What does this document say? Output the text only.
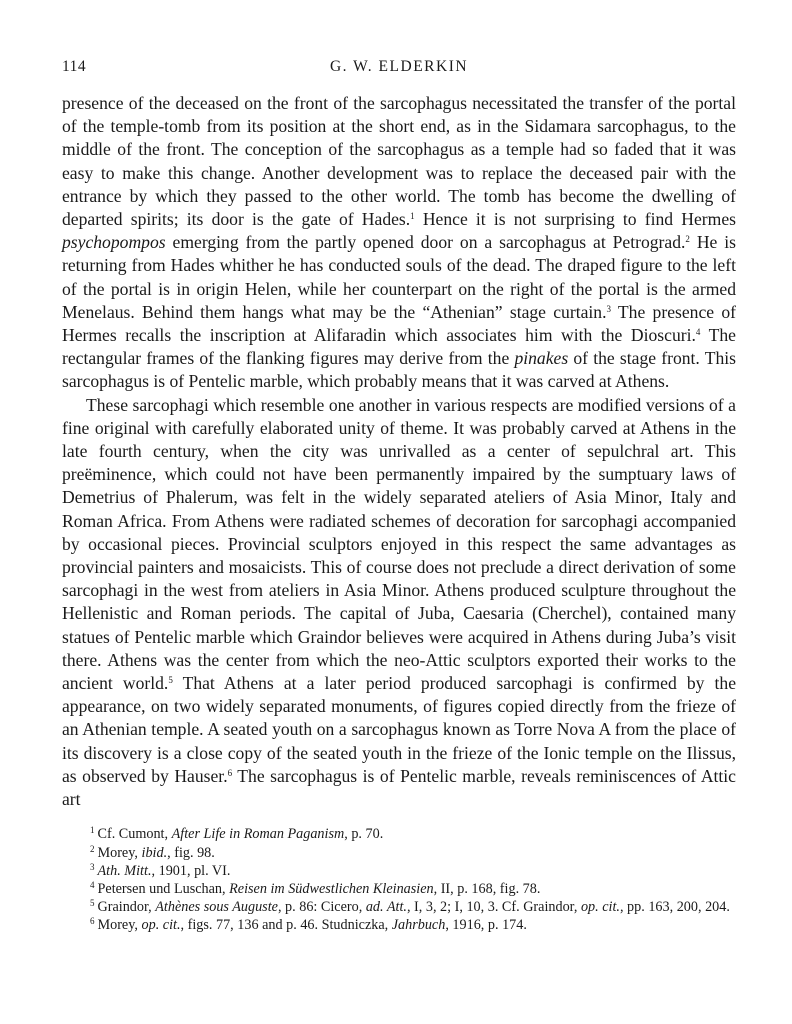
114	G. W. ELDERKIN

presence of the deceased on the front of the sarcophagus necessitated the transfer of the portal of the temple-tomb from its position at the short end, as in the Sidamara sarcophagus, to the middle of the front. The conception of the sarcophagus as a temple had so faded that it was easy to make this change. Another development was to replace the deceased pair with the entrance by which they passed to the other world. The tomb has become the dwelling of departed spirits; its door is the gate of Hades.$^1$ Hence it is not surprising to find Hermes psychopompos emerging from the partly opened door on a sarcophagus at Petrograd.$^2$ He is returning from Hades whither he has conducted souls of the dead. The draped figure to the left of the portal is in origin Helen, while her counterpart on the right of the portal is the armed Menelaus. Behind them hangs what may be the “Athenian” stage curtain.$^3$ The presence of Hermes recalls the inscription at Alifaradin which associates him with the Dioscuri.$^4$ The rectangular frames of the flanking figures may derive from the pinakes of the stage front. This sarcophagus is of Pentelic marble, which probably means that it was carved at Athens.

These sarcophagi which resemble one another in various respects are modified versions of a fine original with carefully elaborated unity of theme. It was probably carved at Athens in the late fourth century, when the city was unrivalled as a center of sepulchral art. This preëminence, which could not have been permanently impaired by the sumptuary laws of Demetrius of Phalerum, was felt in the widely separated ateliers of Asia Minor, Italy and Roman Africa. From Athens were radiated schemes of decoration for sarcophagi accompanied by occasional pieces. Provincial sculptors enjoyed in this respect the same advantages as provincial painters and mosaicists. This of course does not preclude a direct derivation of some sarcophagi in the west from ateliers in Asia Minor. Athens produced sculpture throughout the Hellenistic and Roman periods. The capital of Juba, Caesaria (Cherchel), contained many statues of Pentelic marble which Graindor believes were acquired in Athens during Juba’s visit there. Athens was the center from which the neo-Attic sculptors exported their works to the ancient world.$^5$ That Athens at a later period produced sarcophagi is confirmed by the appearance, on two widely separated monuments, of figures copied directly from the frieze of an Athenian temple. A seated youth on a sarcophagus known as Torre Nova A from the place of its discovery is a close copy of the seated youth in the frieze of the Ionic temple on the Ilissus, as observed by Hauser.$^6$ The sarcophagus is of Pentelic marble, reveals reminiscences of Attic art

$^1$ Cf. Cumont, After Life in Roman Paganism, p. 70.

$^2$ Morey, ibid., fig. 98.

$^3$ Ath. Mitt., 1901, pl. VI.

$^4$ Petersen und Luschan, Reisen im Südwestlichen Kleinasien, II, p. 168, fig. 78.

$^5$ Graindor, Athènes sous Auguste, p. 86: Cicero, ad. Att., I, 3, 2; I, 10, 3. Cf. Graindor, op. cit., pp. 163, 200, 204.

$^6$ Morey, op. cit., figs. 77, 136 and p. 46. Studniczka, Jahrbuch, 1916, p. 174.
